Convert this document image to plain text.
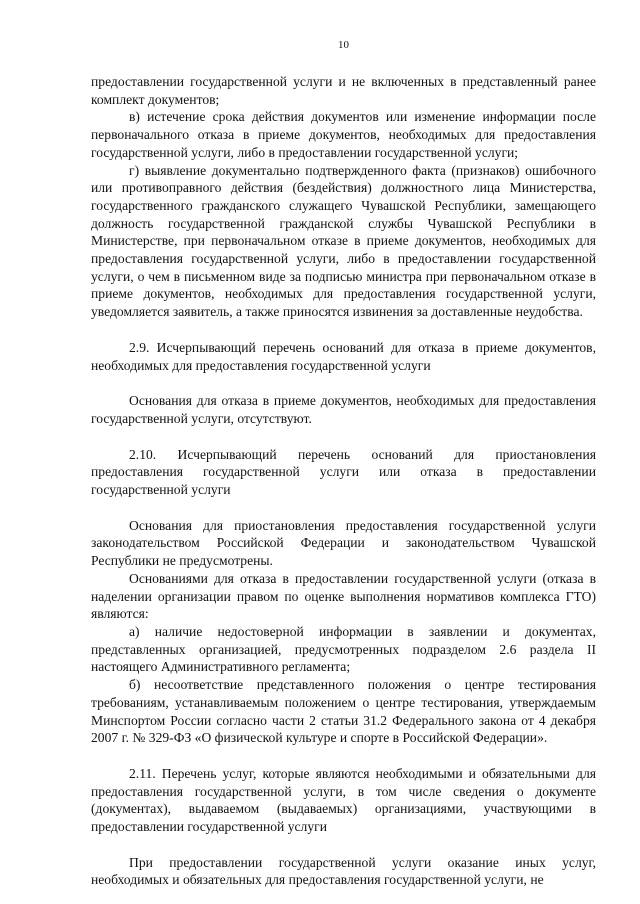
10

предоставлении государственной услуги и не включенных в представленный ранее комплект документов;

в) истечение срока действия документов или изменение информации после первоначального отказа в приеме документов, необходимых для предоставления государственной услуги, либо в предоставлении государственной услуги;

г) выявление документально подтвержденного факта (признаков) ошибочного или противоправного действия (бездействия) должностного лица Министерства, государственного гражданского служащего Чувашской Республики, замещающего должность государственной гражданской службы Чувашской Республики в Министерстве, при первоначальном отказе в приеме документов, необходимых для предоставления государственной услуги, либо в предоставлении государственной услуги, о чем в письменном виде за подписью министра при первоначальном отказе в приеме документов, необходимых для предоставления государственной услуги, уведомляется заявитель, а также приносятся извинения за доставленные неудобства.

2.9. Исчерпывающий перечень оснований для отказа в приеме документов, необходимых для предоставления государственной услуги

Основания для отказа в приеме документов, необходимых для предоставления государственной услуги, отсутствуют.

2.10. Исчерпывающий перечень оснований для приостановления предоставления государственной услуги или отказа в предоставлении государственной услуги

Основания для приостановления предоставления государственной услуги законодательством Российской Федерации и законодательством Чувашской Республики не предусмотрены.

Основаниями для отказа в предоставлении государственной услуги (отказа в наделении организации правом по оценке выполнения нормативов комплекса ГТО) являются:

а) наличие недостоверной информации в заявлении и документах, представленных организацией, предусмотренных подразделом 2.6 раздела II настоящего Административного регламента;

б) несоответствие представленного положения о центре тестирования требованиям, устанавливаемым положением о центре тестирования, утверждаемым Минспортом России согласно части 2 статьи 31.2 Федерального закона от 4 декабря 2007 г. № 329-ФЗ «О физической культуре и спорте в Российской Федерации».

2.11. Перечень услуг, которые являются необходимыми и обязательными для предоставления государственной услуги, в том числе сведения о документе (документах), выдаваемом (выдаваемых) организациями, участвующими в предоставлении государственной услуги

При предоставлении государственной услуги оказание иных услуг, необходимых и обязательных для предоставления государственной услуги, не
